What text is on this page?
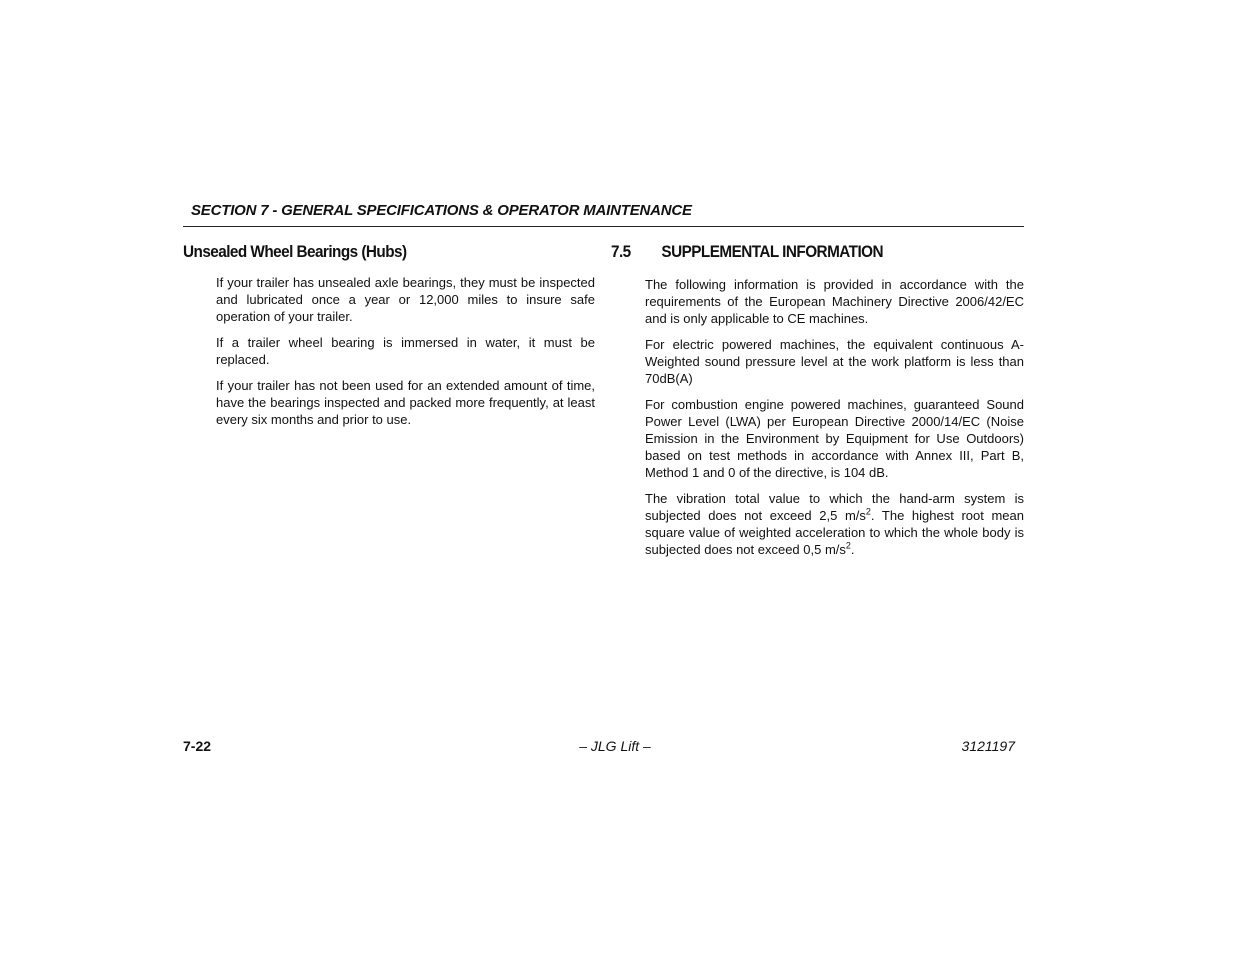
SECTION 7 - GENERAL SPECIFICATIONS & OPERATOR MAINTENANCE
Unsealed Wheel Bearings (Hubs)

If your trailer has unsealed axle bearings, they must be inspected and lubricated once a year or 12,000 miles to insure safe operation of your trailer.

If a trailer wheel bearing is immersed in water, it must be replaced.

If your trailer has not been used for an extended amount of time, have the bearings inspected and packed more frequently, at least every six months and prior to use.

7.5 SUPPLEMENTAL INFORMATION

The following information is provided in accordance with the requirements of the European Machinery Directive 2006/42/EC and is only applicable to CE machines.

For electric powered machines, the equivalent continuous A-Weighted sound pressure level at the work platform is less than 70dB(A)

For combustion engine powered machines, guaranteed Sound Power Level (LWA) per European Directive 2000/14/EC (Noise Emission in the Environment by Equipment for Use Outdoors) based on test methods in accordance with Annex III, Part B, Method 1 and 0 of the directive, is 104 dB.

The vibration total value to which the hand-arm system is subjected does not exceed 2,5 $m/s^2$. The highest root mean square value of weighted acceleration to which the whole body is subjected does not exceed 0,5 $m/s^2$.

7-22	– JLG Lift –	3121197
